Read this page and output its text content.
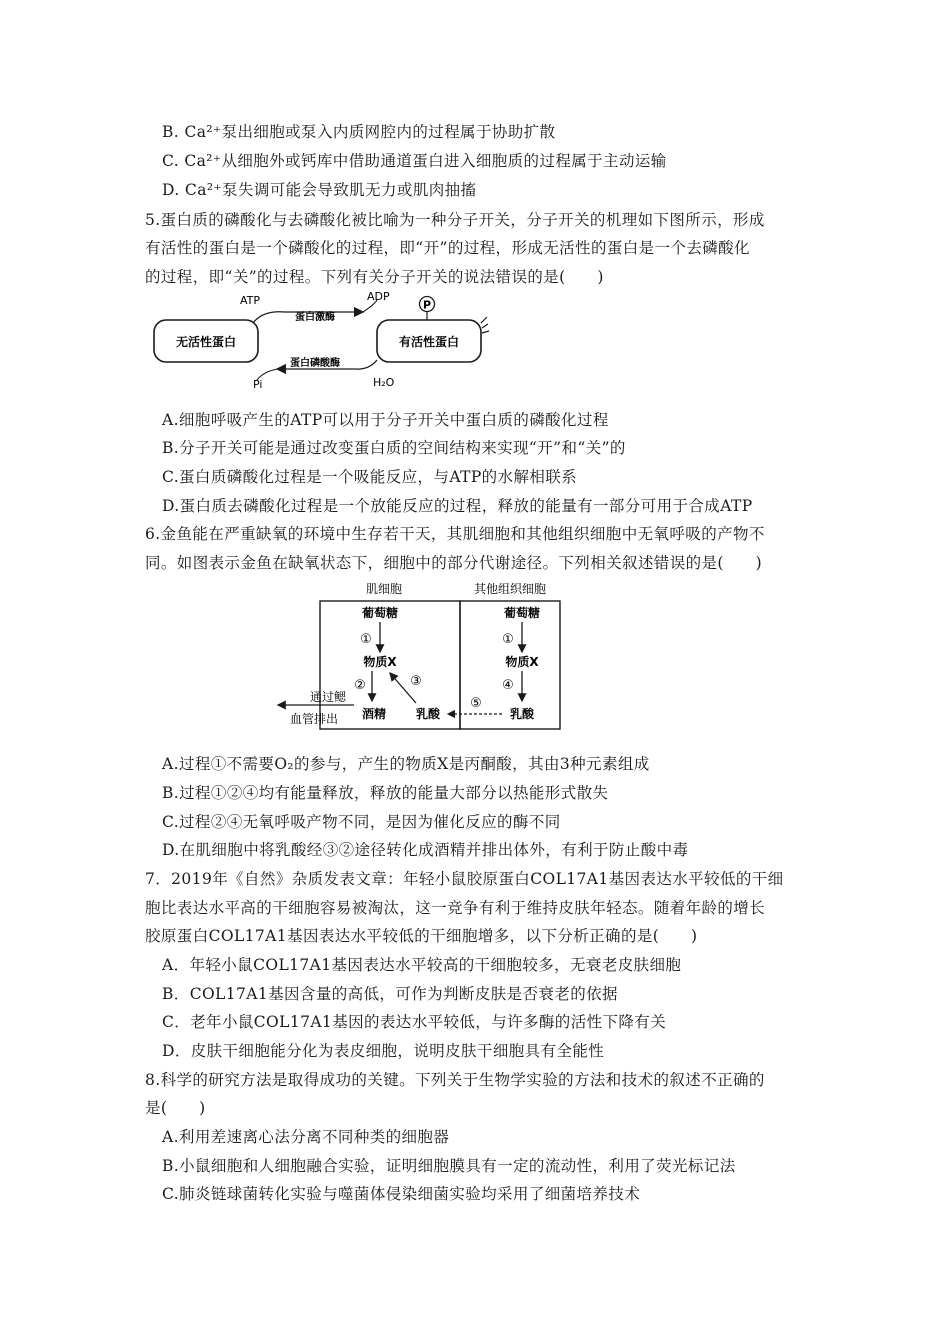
B. Ca²⁺泵出细胞或泵入内质网腔内的过程属于协助扩散
C. Ca²⁺从细胞外或钙库中借助通道蛋白进入细胞质的过程属于主动运输
D. Ca²⁺泵失调可能会导致肌无力或肌肉抽搐
5.蛋白质的磷酸化与去磷酸化被比喻为一种分子开关，分子开关的机理如下图所示，形成
有活性的蛋白是一个磷酸化的过程，即“开”的过程，形成无活性的蛋白是一个去磷酸化
的过程，即“关”的过程。下列有关分子开关的说法错误的是(　　)
无活性蛋白	有活性蛋白
P
ATP	ADP
蛋白激酶
蛋白磷酸酶
Pi	H₂O
A.细胞呼吸产生的ATP可以用于分子开关中蛋白质的磷酸化过程
B.分子开关可能是通过改变蛋白质的空间结构来实现“开”和“关”的
C.蛋白质磷酸化过程是一个吸能反应，与ATP的水解相联系
D.蛋白质去磷酸化过程是一个放能反应的过程，释放的能量有一部分可用于合成ATP
6.金鱼能在严重缺氧的环境中生存若干天，其肌细胞和其他组织细胞中无氧呼吸的产物不
同。如图表示金鱼在缺氧状态下，细胞中的部分代谢途径。下列相关叙述错误的是(　　)
肌细胞	其他组织细胞
葡萄糖
①
物质X
②	③
酒精 乳酸
通过鳃
血管排出
葡萄糖
①
物质X
④
乳酸
⑤
A.过程①不需要O₂的参与，产生的物质X是丙酮酸，其由3种元素组成
B.过程①②④均有能量释放，释放的能量大部分以热能形式散失
C.过程②④无氧呼吸产物不同，是因为催化反应的酶不同
D.在肌细胞中将乳酸经③②途径转化成酒精并排出体外，有利于防止酸中毒
7．2019年《自然》杂质发表文章：年轻小鼠胶原蛋白COL17A1基因表达水平较低的干细
胞比表达水平高的干细胞容易被淘汰，这一竞争有利于维持皮肤年轻态。随着年龄的增长
胶原蛋白COL17A1基因表达水平较低的干细胞增多，以下分析正确的是(　　)
A．年轻小鼠COL17A1基因表达水平较高的干细胞较多，无衰老皮肤细胞
B．COL17A1基因含量的高低，可作为判断皮肤是否衰老的依据
C．老年小鼠COL17A1基因的表达水平较低，与许多酶的活性下降有关
D．皮肤干细胞能分化为表皮细胞，说明皮肤干细胞具有全能性
8.科学的研究方法是取得成功的关键。下列关于生物学实验的方法和技术的叙述不正确的
是(　　)
A.利用差速离心法分离不同种类的细胞器
B.小鼠细胞和人细胞融合实验，证明细胞膜具有一定的流动性，利用了荧光标记法
C.肺炎链球菌转化实验与噬菌体侵染细菌实验均采用了细菌培养技术
